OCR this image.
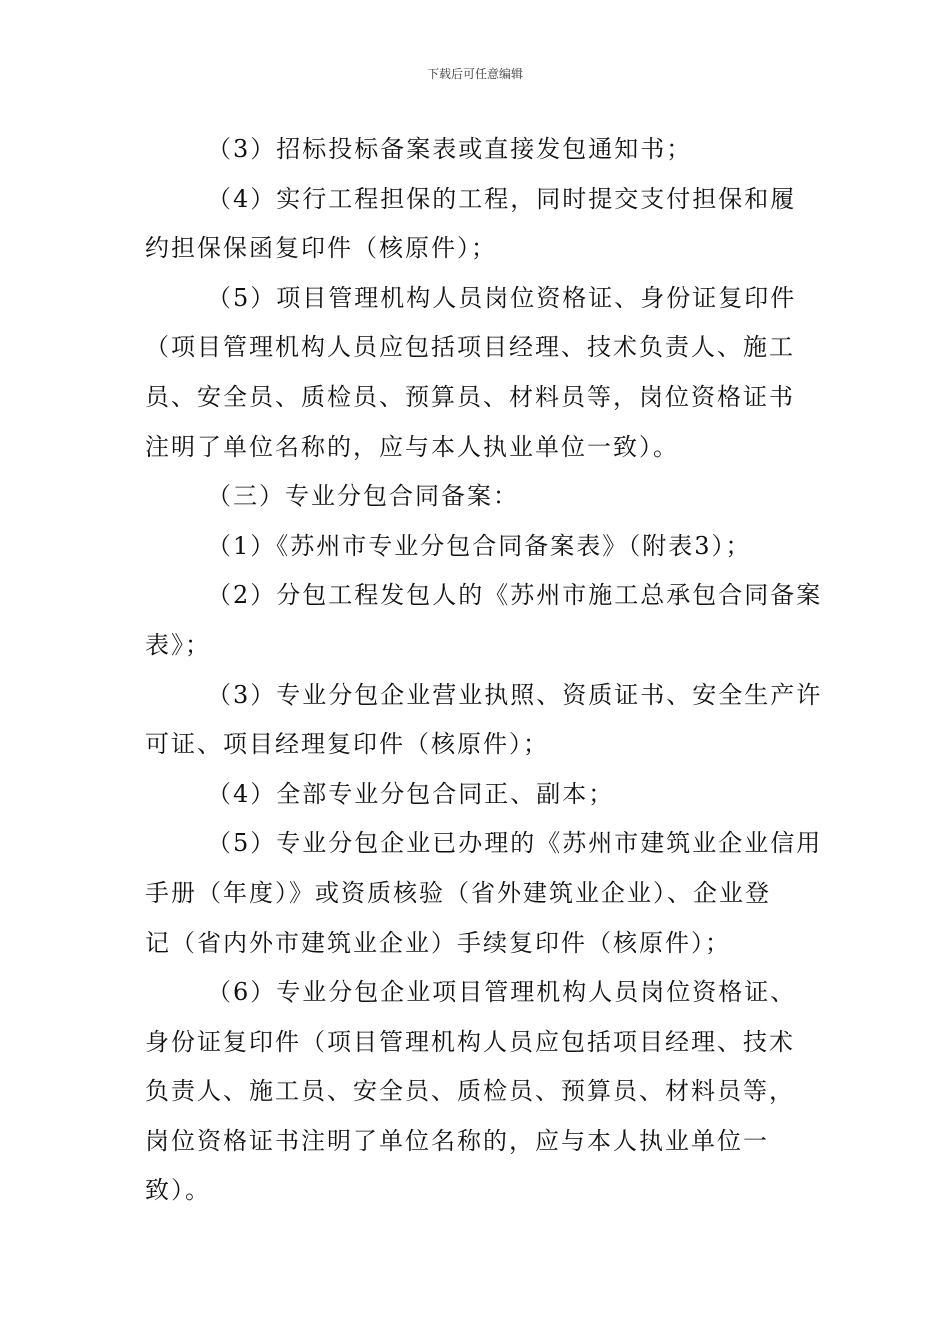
下载后可任意编辑
（3）招标投标备案表或直接发包通知书；
（4）实行工程担保的工程，同时提交支付担保和履
约担保保函复印件（核原件）；
（5）项目管理机构人员岗位资格证、身份证复印件
（项目管理机构人员应包括项目经理、技术负责人、施工
员、安全员、质检员、预算员、材料员等，岗位资格证书
注明了单位名称的，应与本人执业单位一致）。
（三）专业分包合同备案：
（1）《苏州市专业分包合同备案表》（附表3）；
（2）分包工程发包人的《苏州市施工总承包合同备案
表》；
（3）专业分包企业营业执照、资质证书、安全生产许
可证、项目经理复印件（核原件）；
（4）全部专业分包合同正、副本；
（5）专业分包企业已办理的《苏州市建筑业企业信用
手册（年度）》或资质核验（省外建筑业企业）、企业登
记（省内外市建筑业企业）手续复印件（核原件）；
（6）专业分包企业项目管理机构人员岗位资格证、
身份证复印件（项目管理机构人员应包括项目经理、技术
负责人、施工员、安全员、质检员、预算员、材料员等，
岗位资格证书注明了单位名称的，应与本人执业单位一
致）。
